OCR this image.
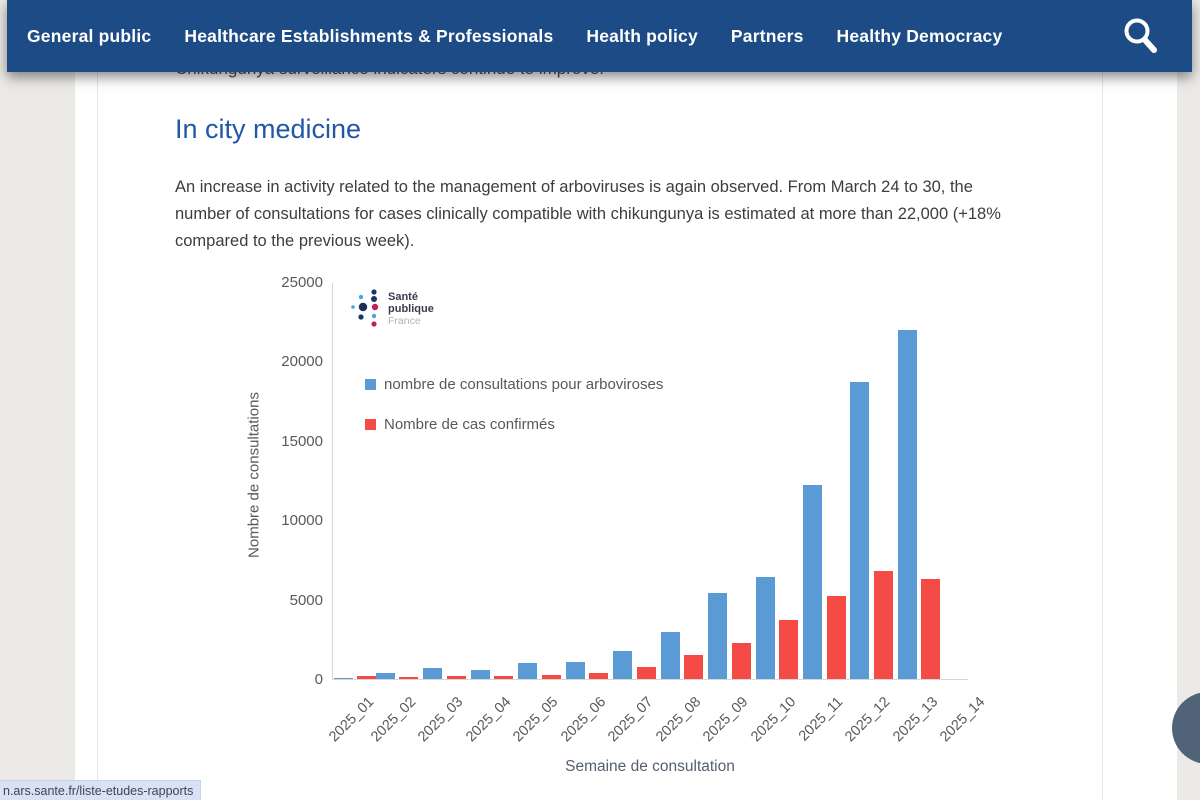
General public Healthcare Establishments & Professionals Health policy Partners Healthy Democracy
In city medicine

An increase in activity related to the management of arboviruses is again observed. From March 24 to 30, the number of consultations for cases clinically compatible with chikungunya is estimated at more than 22,000 (+18% compared to the previous week).

Nombre de consultations
Semaine de consultation
Santé
publique
France
nombre de consultations pour arboviroses
Nombre de cas confirmés
0
5000
10000
15000
20000
25000
2025_01
2025_02
2025_03
2025_04
2025_05
2025_06
2025_07
2025_08
2025_09
2025_10
2025_11
2025_12
2025_13
2025_14
n.ars.sante.fr/liste-etudes-rapports
